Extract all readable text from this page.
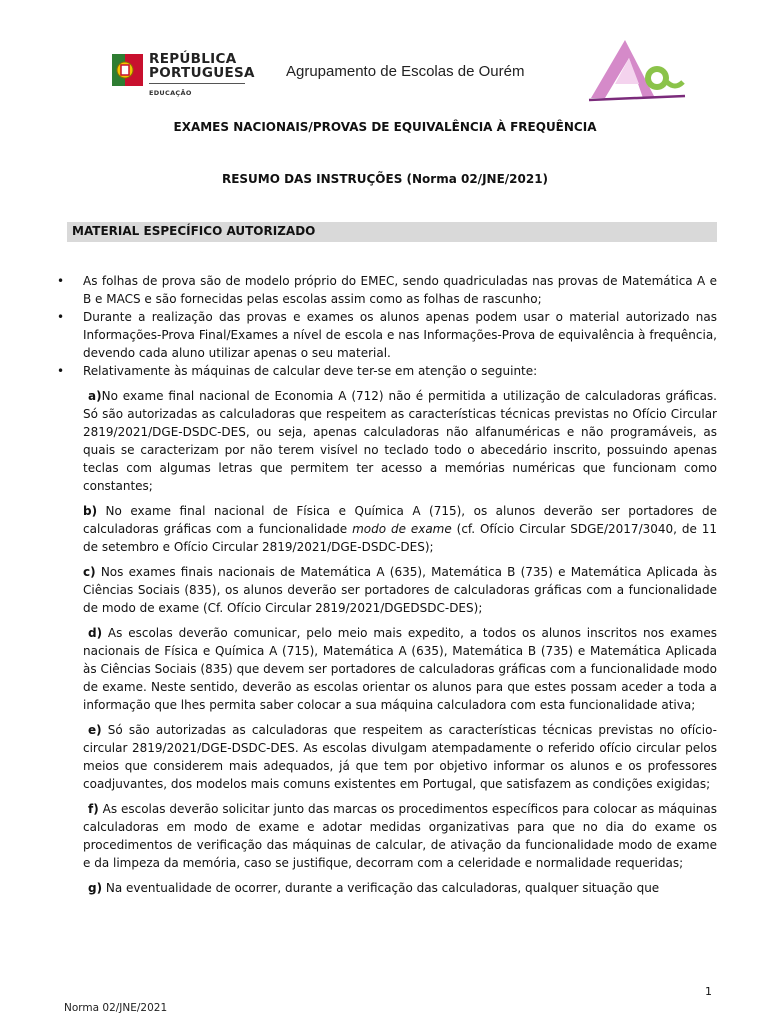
REPÚBLICA
PORTUGUESA
EDUCAÇÃO
Agrupamento de Escolas de Ourém
EXAMES NACIONAIS/PROVAS DE EQUIVALÊNCIA À FREQUÊNCIA
RESUMO DAS INSTRUÇÕES (Norma 02/JNE/2021)
MATERIAL ESPECÍFICO AUTORIZADO
• As folhas de prova são de modelo próprio do EMEC, sendo quadriculadas nas provas de Matemática A e B e MACS e são fornecidas pelas escolas assim como as folhas de rascunho;
• Durante a realização das provas e exames os alunos apenas podem usar o material autorizado nas Informações-Prova Final/Exames a nível de escola e nas Informações-Prova de equivalência à frequência, devendo cada aluno utilizar apenas o seu material.
• Relativamente às máquinas de calcular deve ter-se em atenção o seguinte:
a)No exame final nacional de Economia A (712) não é permitida a utilização de calculadoras gráficas. Só são autorizadas as calculadoras que respeitem as características técnicas previstas no Ofício Circular 2819/2021/DGE-DSDC-DES, ou seja, apenas calculadoras não alfanuméricas e não programáveis, as quais se caracterizam por não terem visível no teclado todo o abecedário inscrito, possuindo apenas teclas com algumas letras que permitem ter acesso a memórias numéricas que funcionam como constantes;
b) No exame final nacional de Física e Química A (715), os alunos deverão ser portadores de calculadoras gráficas com a funcionalidade modo de exame (cf. Ofício Circular SDGE/2017/3040, de 11 de setembro e Ofício Circular 2819/2021/DGE-DSDC-DES);
c) Nos exames finais nacionais de Matemática A (635), Matemática B (735) e Matemática Aplicada às Ciências Sociais (835), os alunos deverão ser portadores de calculadoras gráficas com a funcionalidade de modo de exame (Cf. Ofício Circular 2819/2021/DGEDSDC-DES);
d) As escolas deverão comunicar, pelo meio mais expedito, a todos os alunos inscritos nos exames nacionais de Física e Química A (715), Matemática A (635), Matemática B (735) e Matemática Aplicada às Ciências Sociais (835) que devem ser portadores de calculadoras gráficas com a funcionalidade modo de exame. Neste sentido, deverão as escolas orientar os alunos para que estes possam aceder a toda a informação que lhes permita saber colocar a sua máquina calculadora com esta funcionalidade ativa;
e) Só são autorizadas as calculadoras que respeitem as características técnicas previstas no ofício-circular 2819/2021/DGE-DSDC-DES. As escolas divulgam atempadamente o referido ofício circular pelos meios que considerem mais adequados, já que tem por objetivo informar os alunos e os professores coadjuvantes, dos modelos mais comuns existentes em Portugal, que satisfazem as condições exigidas;
f) As escolas deverão solicitar junto das marcas os procedimentos específicos para colocar as máquinas calculadoras em modo de exame e adotar medidas organizativas para que no dia do exame os procedimentos de verificação das máquinas de calcular, de ativação da funcionalidade modo de exame e da limpeza da memória, caso se justifique, decorram com a celeridade e normalidade requeridas;
g) Na eventualidade de ocorrer, durante a verificação das calculadoras, qualquer situação que
1
Norma 02/JNE/2021
